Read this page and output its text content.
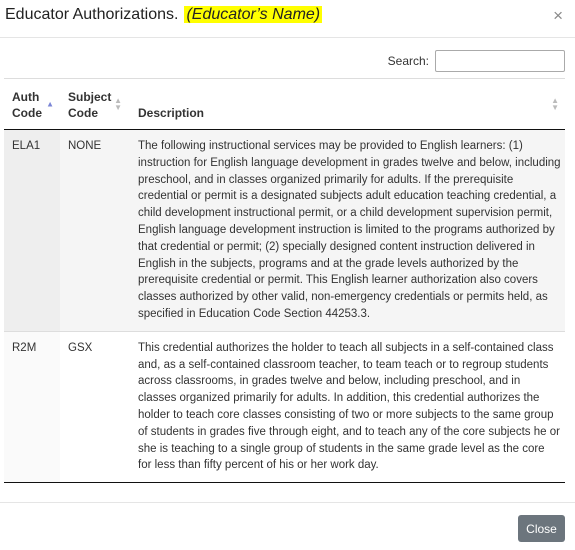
Educator Authorizations. (Educator’s Name)	×
Search:
Auth Code
▲	Subject Code
▲
▼	Description
▲
▼

ELA1	NONE	The following instructional services may be provided to English learners: (1) instruction for English language development in grades twelve and below, including preschool, and in classes organized primarily for adults. If the prerequisite credential or permit is a designated subjects adult education teaching credential, a child development instructional permit, or a child development supervision permit, English language development instruction is limited to the programs authorized by that credential or permit; (2) specially designed content instruction delivered in English in the subjects, programs and at the grade levels authorized by the prerequisite credential or permit. This English learner authorization also covers classes authorized by other valid, non-emergency credentials or permits held, as specified in Education Code Section 44253.3.
R2M	GSX	This credential authorizes the holder to teach all subjects in a self-contained class and, as a self-contained classroom teacher, to team teach or to regroup students across classrooms, in grades twelve and below, including preschool, and in classes organized primarily for adults. In addition, this credential authorizes the holder to teach core classes consisting of two or more subjects to the same group of students in grades five through eight, and to teach any of the core subjects he or she is teaching to a single group of students in the same grade level as the core for less than fifty percent of his or her work day.
Close
